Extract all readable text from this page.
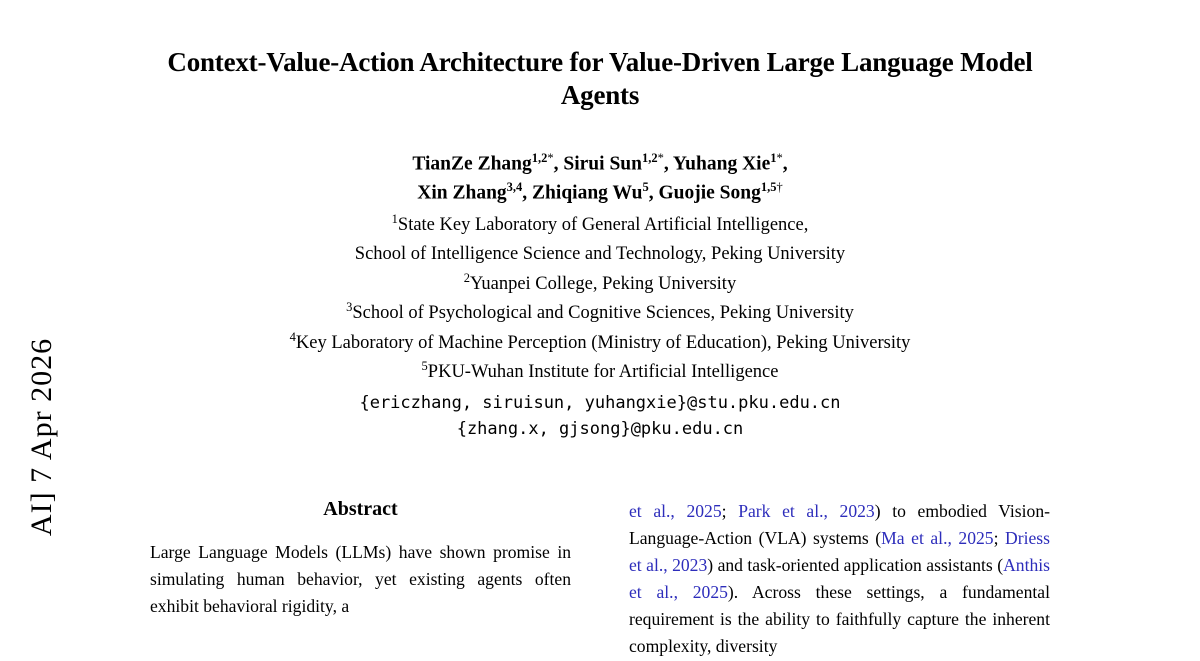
AI] 7 Apr 2026
Context-Value-Action Architecture for Value-Driven Large Language Model Agents
TianZe Zhang$^{1,2*}$, Sirui Sun$^{1,2*}$, Yuhang Xie$^{1*}$,
Xin Zhang$^{3,4}$, Zhiqiang Wu$^5$, Guojie Song$^{1,5\dagger}$
$^1$State Key Laboratory of General Artificial Intelligence,
School of Intelligence Science and Technology, Peking University
$^2$Yuanpei College, Peking University
$^3$School of Psychological and Cognitive Sciences, Peking University
$^4$Key Laboratory of Machine Perception (Ministry of Education), Peking University
$^5$PKU-Wuhan Institute for Artificial Intelligence
{ericzhang, siruisun, yuhangxie}@stu.pku.edu.cn
{zhang.x, gjsong}@pku.edu.cn
Abstract

Large Language Models (LLMs) have shown promise in simulating human behavior, yet existing agents often exhibit behavioral rigidity, a

et al., 2025; Park et al., 2023) to embodied Vision-Language-Action (VLA) systems (Ma et al., 2025; Driess et al., 2023) and task-oriented application assistants (Anthis et al., 2025). Across these settings, a fundamental requirement is the ability to faithfully capture the inherent complexity, diversity
